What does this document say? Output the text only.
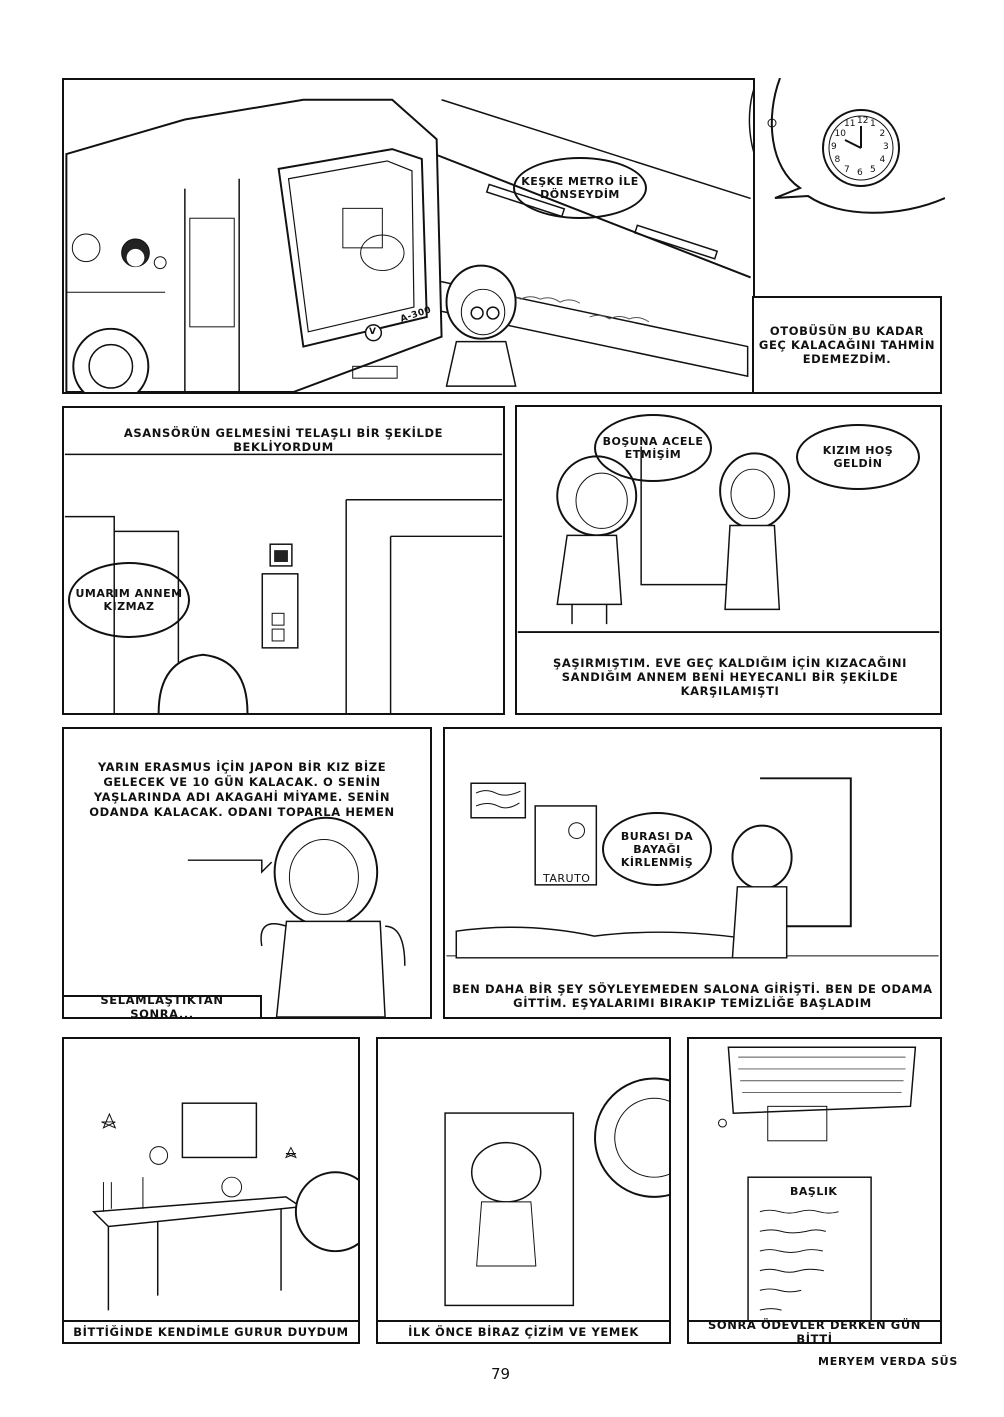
12 1
2
3
4
5
6
7
8
9
10
11
KEŞKE METRO İLE DÖNSEYDİM
OTOBÜSÜN BU KADAR GEÇ KALACAĞINI TAHMİN EDEMEZDİM.
A-300
V
ASANSÖRÜN GELMESİNİ TELAŞLI BİR ŞEKİLDE BEKLİYORDUM
UMARIM ANNEM KIZMAZ
BOŞUNA ACELE ETMİŞİM	KIZIM HOŞ GELDİN
ŞAŞIRMIŞTIM. EVE GEÇ KALDIĞIM İÇİN KIZACAĞINI SANDIĞIM ANNEM BENİ HEYECANLI BİR ŞEKİLDE KARŞILAMIŞTI
YARIN ERASMUS İÇİN JAPON BİR KIZ BİZE GELECEK VE 10 GÜN KALACAK. O SENİN YAŞLARINDA ADI AKAGAHİ MİYAME. SENİN ODANDA KALACAK. ODANI TOPARLA HEMEN
SELAMLAŞTIKTAN SONRA...
TARUTO
BURASI DA BAYAĞI KİRLENMİŞ
BEN DAHA BİR ŞEY SÖYLEYEMEDEN SALONA GİRİŞTİ. BEN DE ODAMA GİTTİM. EŞYALARIMI BIRAKIP TEMİZLİĞE BAŞLADIM
BİTTİĞİNDE KENDİMLE GURUR DUYDUM	İLK ÖNCE BİRAZ ÇİZİM VE YEMEK
BAŞLIK
SONRA ÖDEVLER DERKEN GÜN BİTTİ
79
MERYEM VERDA SÜS
